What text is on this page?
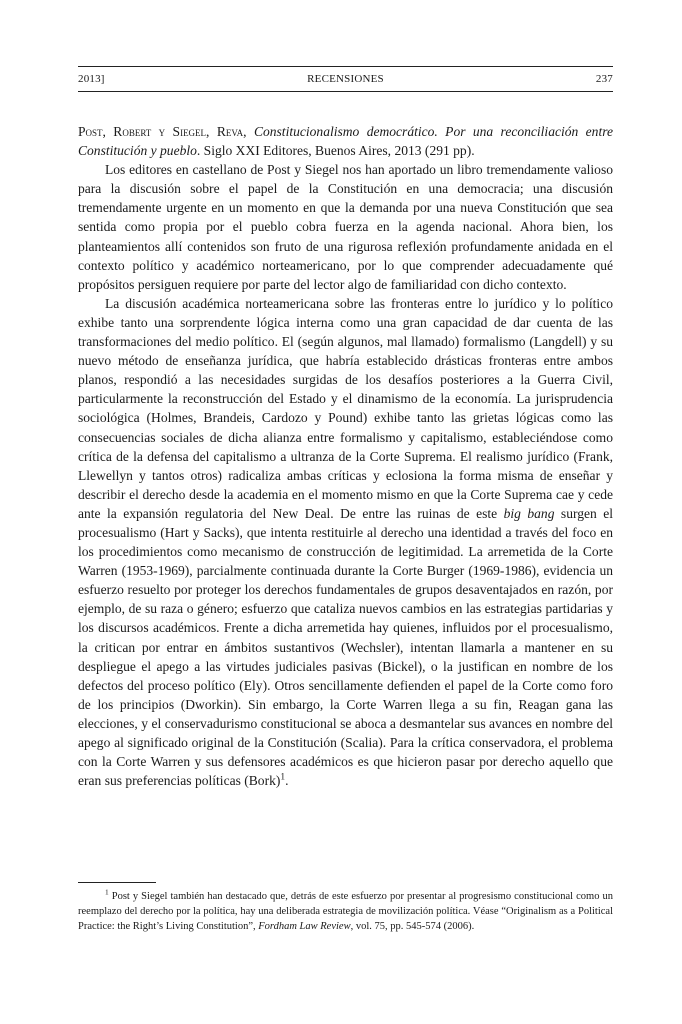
2013]	RECENSIONES	237

Post, Robert y Siegel, Reva, Constitucionalismo democrático. Por una reconciliación entre Constitución y pueblo. Siglo XXI Editores, Buenos Aires, 2013 (291 pp).

Los editores en castellano de Post y Siegel nos han aportado un libro tremendamente valioso para la discusión sobre el papel de la Constitución en una democracia; una discusión tremendamente urgente en un momento en que la demanda por una nueva Constitución que sea sentida como propia por el pueblo cobra fuerza en la agenda nacional. Ahora bien, los planteamientos allí contenidos son fruto de una rigurosa reflexión profundamente anidada en el contexto político y académico norteamericano, por lo que comprender adecuadamente qué propósitos persiguen requiere por parte del lector algo de familiaridad con dicho contexto.

La discusión académica norteamericana sobre las fronteras entre lo jurídico y lo político exhibe tanto una sorprendente lógica interna como una gran capacidad de dar cuenta de las transformaciones del medio político. El (según algunos, mal llamado) formalismo (Langdell) y su nuevo método de enseñanza jurídica, que habría establecido drásticas fronteras entre ambos planos, respondió a las necesidades surgidas de los desafíos posteriores a la Guerra Civil, particularmente la reconstrucción del Estado y el dinamismo de la economía. La jurisprudencia sociológica (Holmes, Brandeis, Cardozo y Pound) exhibe tanto las grietas lógicas como las consecuencias sociales de dicha alianza entre formalismo y capitalismo, estableciéndose como crítica de la defensa del capitalismo a ultranza de la Corte Suprema. El realismo jurídico (Frank, Llewellyn y tantos otros) radicaliza ambas críticas y eclosiona la forma misma de enseñar y describir el derecho desde la academia en el momento mismo en que la Corte Suprema cae y cede ante la expansión regulatoria del New Deal. De entre las ruinas de este big bang surgen el procesualismo (Hart y Sacks), que intenta restituirle al derecho una identidad a través del foco en los procedimientos como mecanismo de construcción de legitimidad. La arremetida de la Corte Warren (1953-1969), parcialmente continuada durante la Corte Burger (1969-1986), evidencia un esfuerzo resuelto por proteger los derechos fundamentales de grupos desaventajados en razón, por ejemplo, de su raza o género; esfuerzo que cataliza nuevos cambios en las estrategias partidarias y los discursos académicos. Frente a dicha arremetida hay quienes, influidos por el procesualismo, la critican por entrar en ámbitos sustantivos (Wechsler), intentan llamarla a mantener en su despliegue el apego a las virtudes judiciales pasivas (Bickel), o la justifican en nombre de los defectos del proceso político (Ely). Otros sencillamente defienden el papel de la Corte como foro de los principios (Dworkin). Sin embargo, la Corte Warren llega a su fin, Reagan gana las elecciones, y el conservadurismo constitucional se aboca a desmantelar sus avances en nombre del apego al significado original de la Constitución (Scalia). Para la crítica conservadora, el problema con la Corte Warren y sus defensores académicos es que hicieron pasar por derecho aquello que eran sus preferencias políticas (Bork)$^1$.

$^1$ Post y Siegel también han destacado que, detrás de este esfuerzo por presentar al progresismo constitucional como un reemplazo del derecho por la política, hay una deliberada estrategia de movilización política. Véase “Originalism as a Political Practice: the Right’s Living Constitution”, Fordham Law Review, vol. 75, pp. 545-574 (2006).
